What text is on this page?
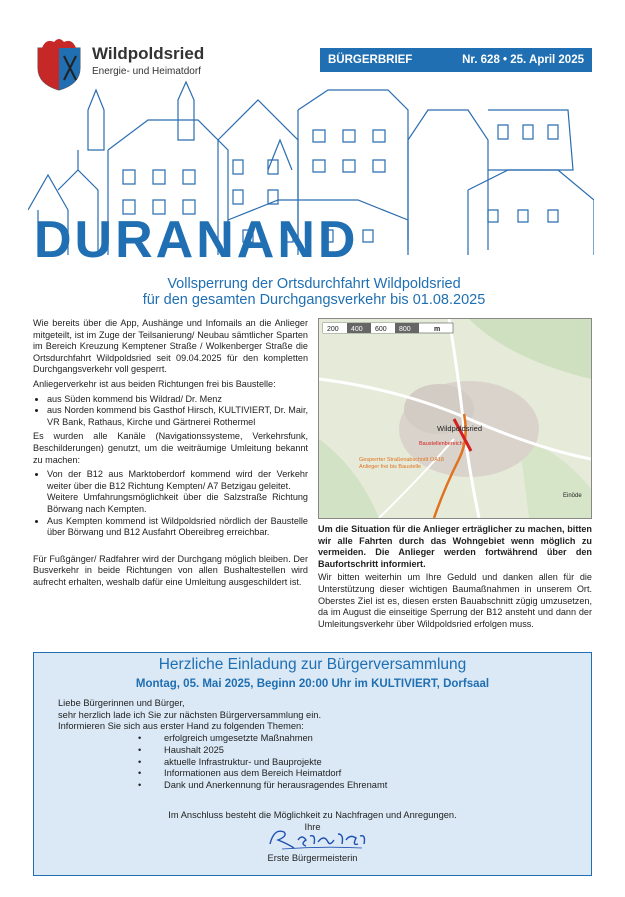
Wildpoldsried
Energie- und Heimatdorf
BÜRGERBRIEF	Nr. 628 • 25. April 2025
DURANAND
Vollsperrung der Ortsdurchfahrt Wildpoldsried
für den gesamten Durchgangsverkehr bis 01.08.2025

Wie bereits über die App, Aushänge und Infomails an die Anlieger mitgeteilt, ist im Zuge der Teilsanierung/ Neubau sämtlicher Sparten im Bereich Kreuzung Kemptener Straße / Wolkenberger Straße die Ortsdurchfahrt Wildpoldsried seit 09.04.2025 für den kompletten Durchgangsverkehr voll gesperrt.

Anliegerverkehr ist aus beiden Richtungen frei bis Baustelle:

• aus Süden kommend bis Wildrad/ Dr. Menz
• aus Norden kommend bis Gasthof Hirsch, KULTIVIERT, Dr. Mair, VR Bank, Rathaus, Kirche und Gärtnerei Rothermel

Es wurden alle Kanäle (Navigationssysteme, Verkehrsfunk, Beschilderungen) genutzt, um die weiträumige Umleitung bekannt zu machen:

• Von der B12 aus Marktoberdorf kommend wird der Verkehr weiter über die B12 Richtung Kempten/ A7 Betzigau geleitet.
Weitere Umfahrungsmöglichkeit über die Salzstraße Richtung Börwang nach Kempten.
• Aus Kempten kommend ist Wildpoldsried nördlich der Baustelle über Börwang und B12 Ausfahrt Obereibreg erreichbar.

Für Fußgänger/ Radfahrer wird der Durchgang möglich bleiben. Der Busverkehr in beide Richtungen von allen Bushaltestellen wird aufrecht erhalten, weshalb dafür eine Umleitung ausgeschildert ist.

200 400 600 800	m
Wildpoldsried
Baustellenbereich
Gesperrter Straßenabschnitt OA18
Anlieger frei bis Baustelle
Einöde

Um die Situation für die Anlieger erträglicher zu machen, bitten wir alle Fahrten durch das Wohngebiet wenn möglich zu vermeiden. Die Anlieger werden fortwährend über den Baufortschritt informiert.

Wir bitten weiterhin um Ihre Geduld und danken allen für die Unterstützung dieser wichtigen Baumaßnahmen in unserem Ort. Oberstes Ziel ist es, diesen ersten Bauabschnitt zügig umzusetzen, da im August die einseitige Sperrung der B12 ansteht und dann der Umleitungsverkehr über Wildpoldsried erfolgen muss.

Herzliche Einladung zur Bürgerversammlung
Montag, 05. Mai 2025, Beginn 20:00 Uhr im KULTIVIERT, Dorfsaal
Liebe Bürgerinnen und Bürger,
sehr herzlich lade ich Sie zur nächsten Bürgerversammlung ein.
Informieren Sie sich aus erster Hand zu folgenden Themen:
• erfolgreich umgesetzte Maßnahmen
• Haushalt 2025
• aktuelle Infrastruktur- und Bauprojekte
• Informationen aus dem Bereich Heimatdorf
• Dank und Anerkennung für herausragendes Ehrenamt
Im Anschluss besteht die Möglichkeit zu Nachfragen und Anregungen.
Ihre
Erste Bürgermeisterin
